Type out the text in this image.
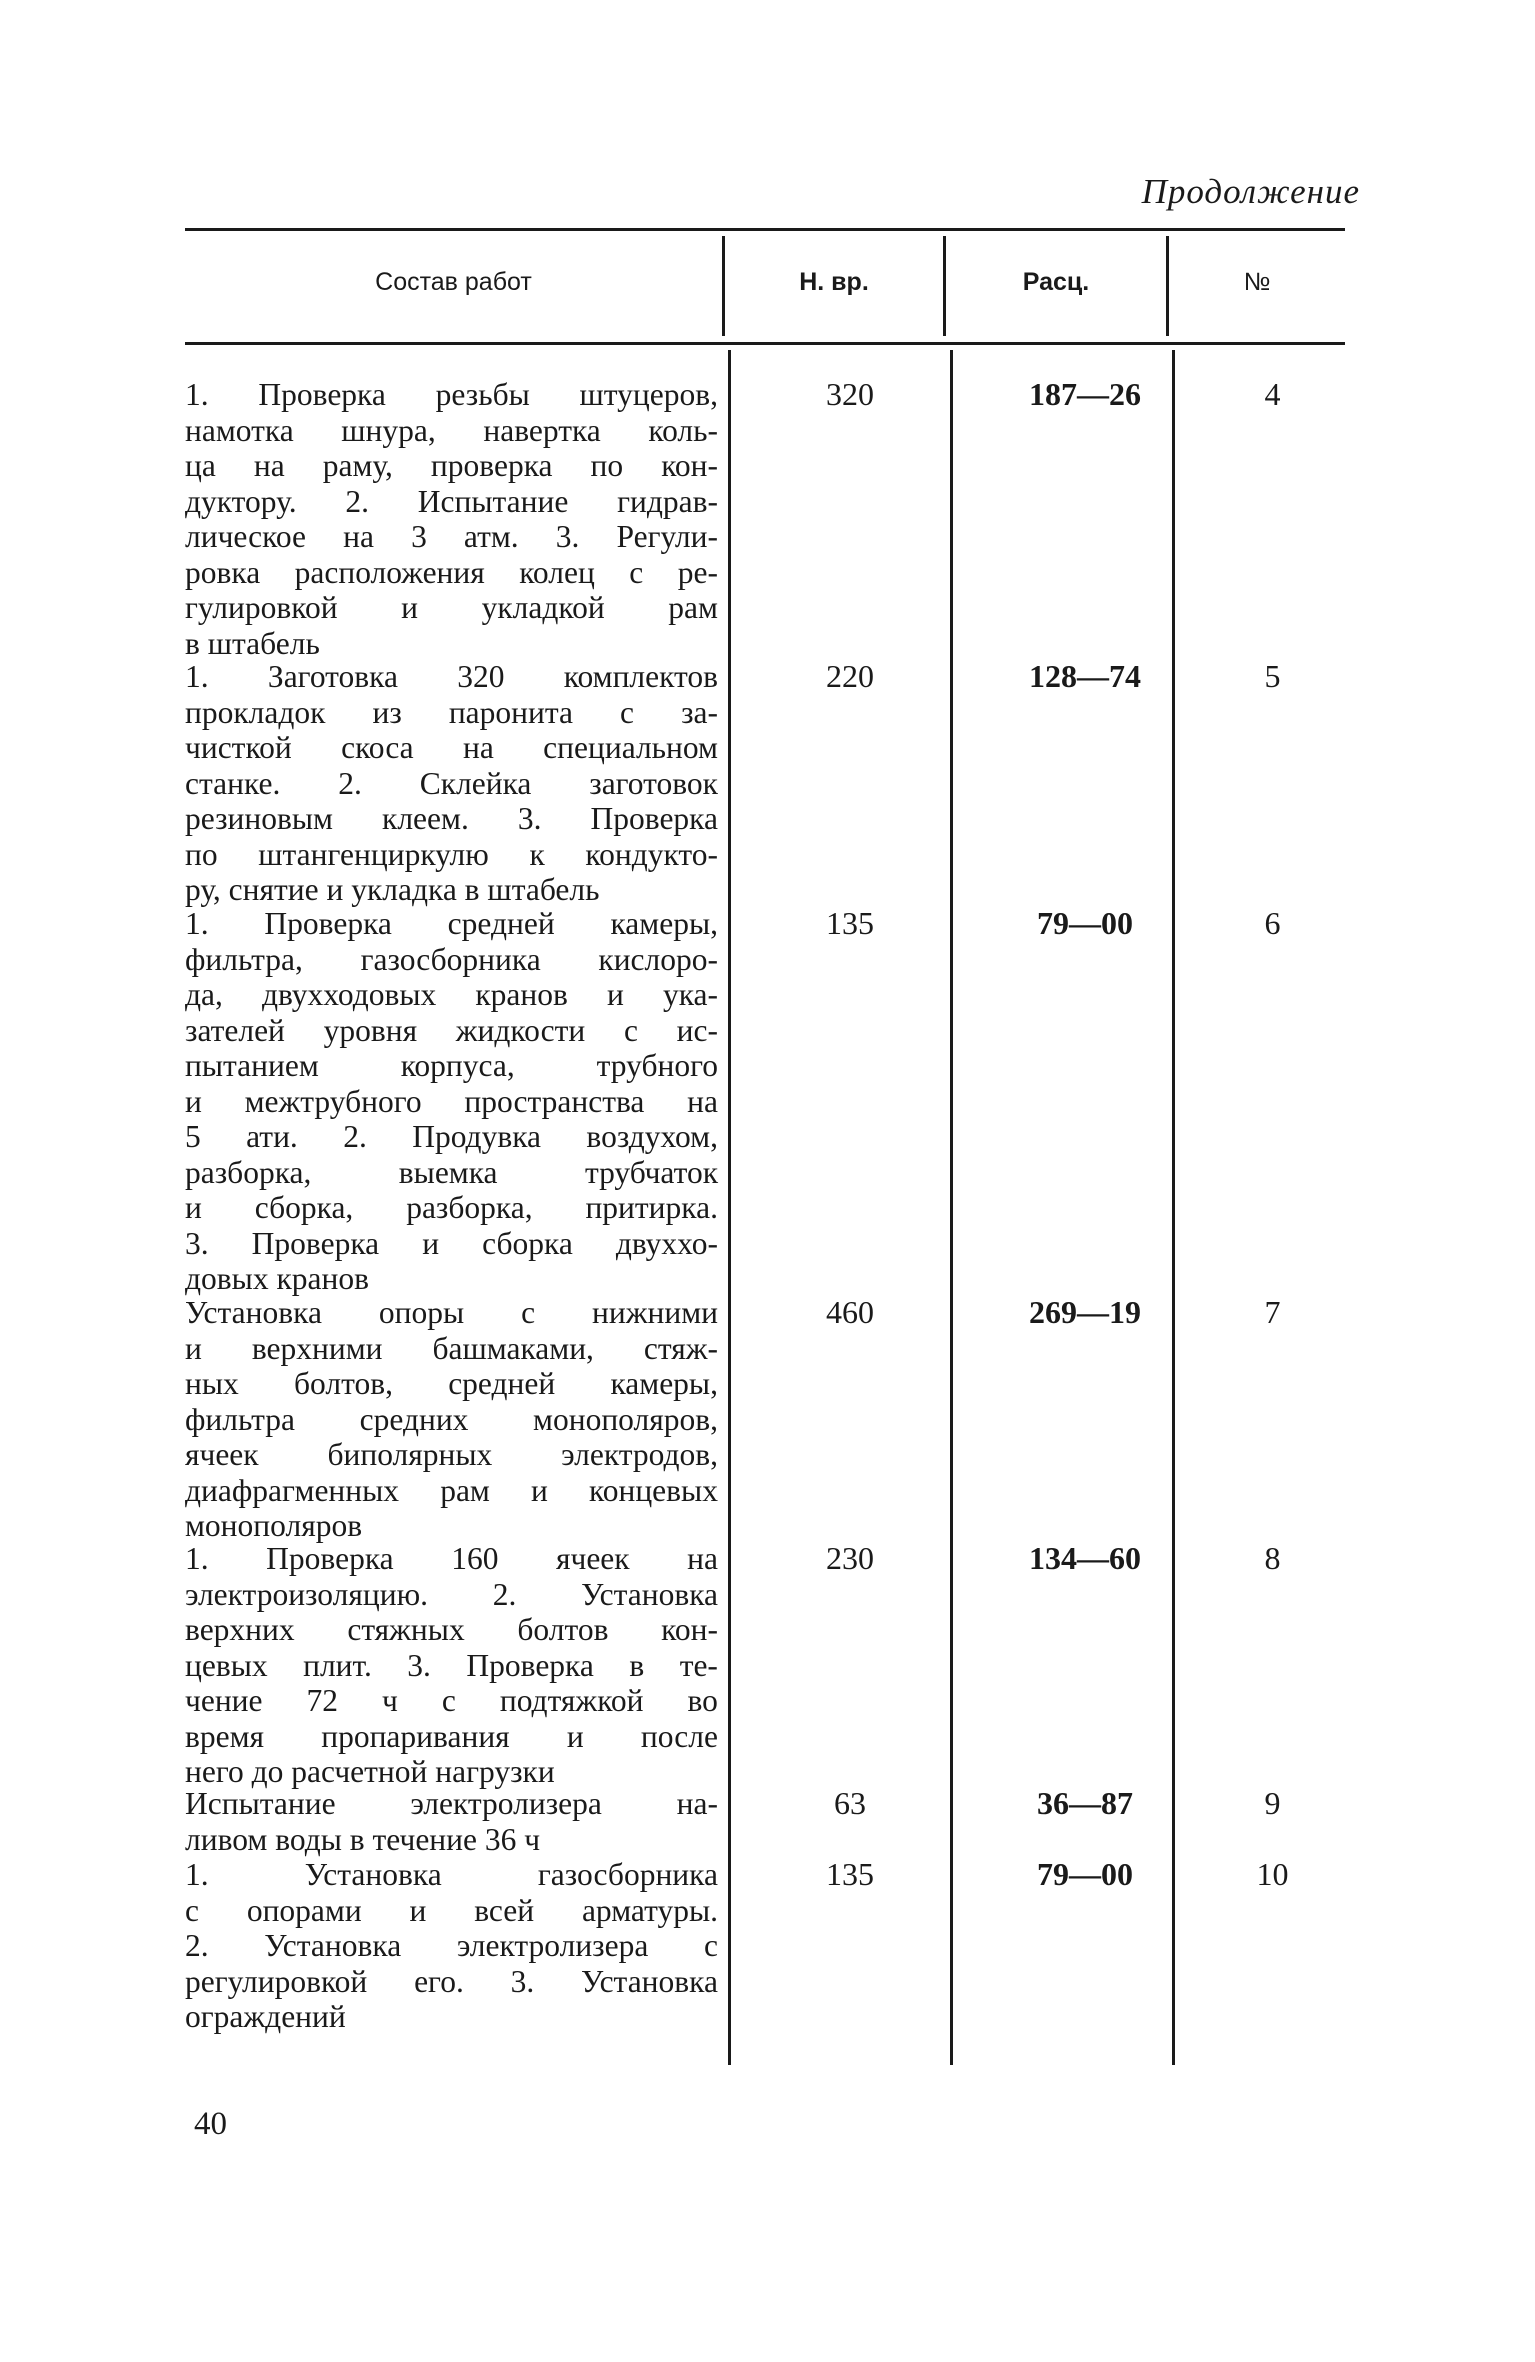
Продолжение
Состав работ	Н. вр.	Расц.	№
1. Проверка резьбы штуцеров,
намотка шнура, навертка коль-
ца на раму, проверка по кон-
дуктору. 2. Испытание гидрав-
лическое на 3 атм. 3. Регули-
ровка расположения колец с ре-
гулировкой и укладкой рам
в штабель
320	187—26	4
1. Заготовка 320 комплектов
прокладок из паронита с за-
чисткой скоса на специальном
станке. 2. Склейка заготовок
резиновым клеем. 3. Проверка
по штангенциркулю к кондукто-
ру, снятие и укладка в штабель
220	128—74	5
1. Проверка средней камеры,
фильтра, газосборника кислоро-
да, двухходовых кранов и ука-
зателей уровня жидкости с ис-
пытанием	корпуса,	трубного
и межтрубного пространства на
5 ати. 2. Продувка воздухом,
разборка,	выемка	трубчаток
и сборка, разборка, притирка.
3. Проверка и сборка двуххо-
довых кранов
135	79—00	6
Установка опоры с нижними
и верхними башмаками, стяж-
ных болтов, средней камеры,
фильтра средних монополяров,
ячеек биполярных электродов,
диафрагменных рам и концевых
монополяров
460	269—19	7
1. Проверка 160 ячеек на
электроизоляцию. 2. Установка
верхних стяжных болтов кон-
цевых плит. 3. Проверка в те-
чение 72 ч с подтяжкой во
время пропаривания и после
него до расчетной нагрузки
230	134—60	8
Испытание электролизера на-
ливом воды в течение 36 ч
63	36—87	9
1.	Установка	газосборника
с опорами и всей арматуры.
2. Установка электролизера с
регулировкой его. 3. Установка
ограждений
135	79—00	10
40
